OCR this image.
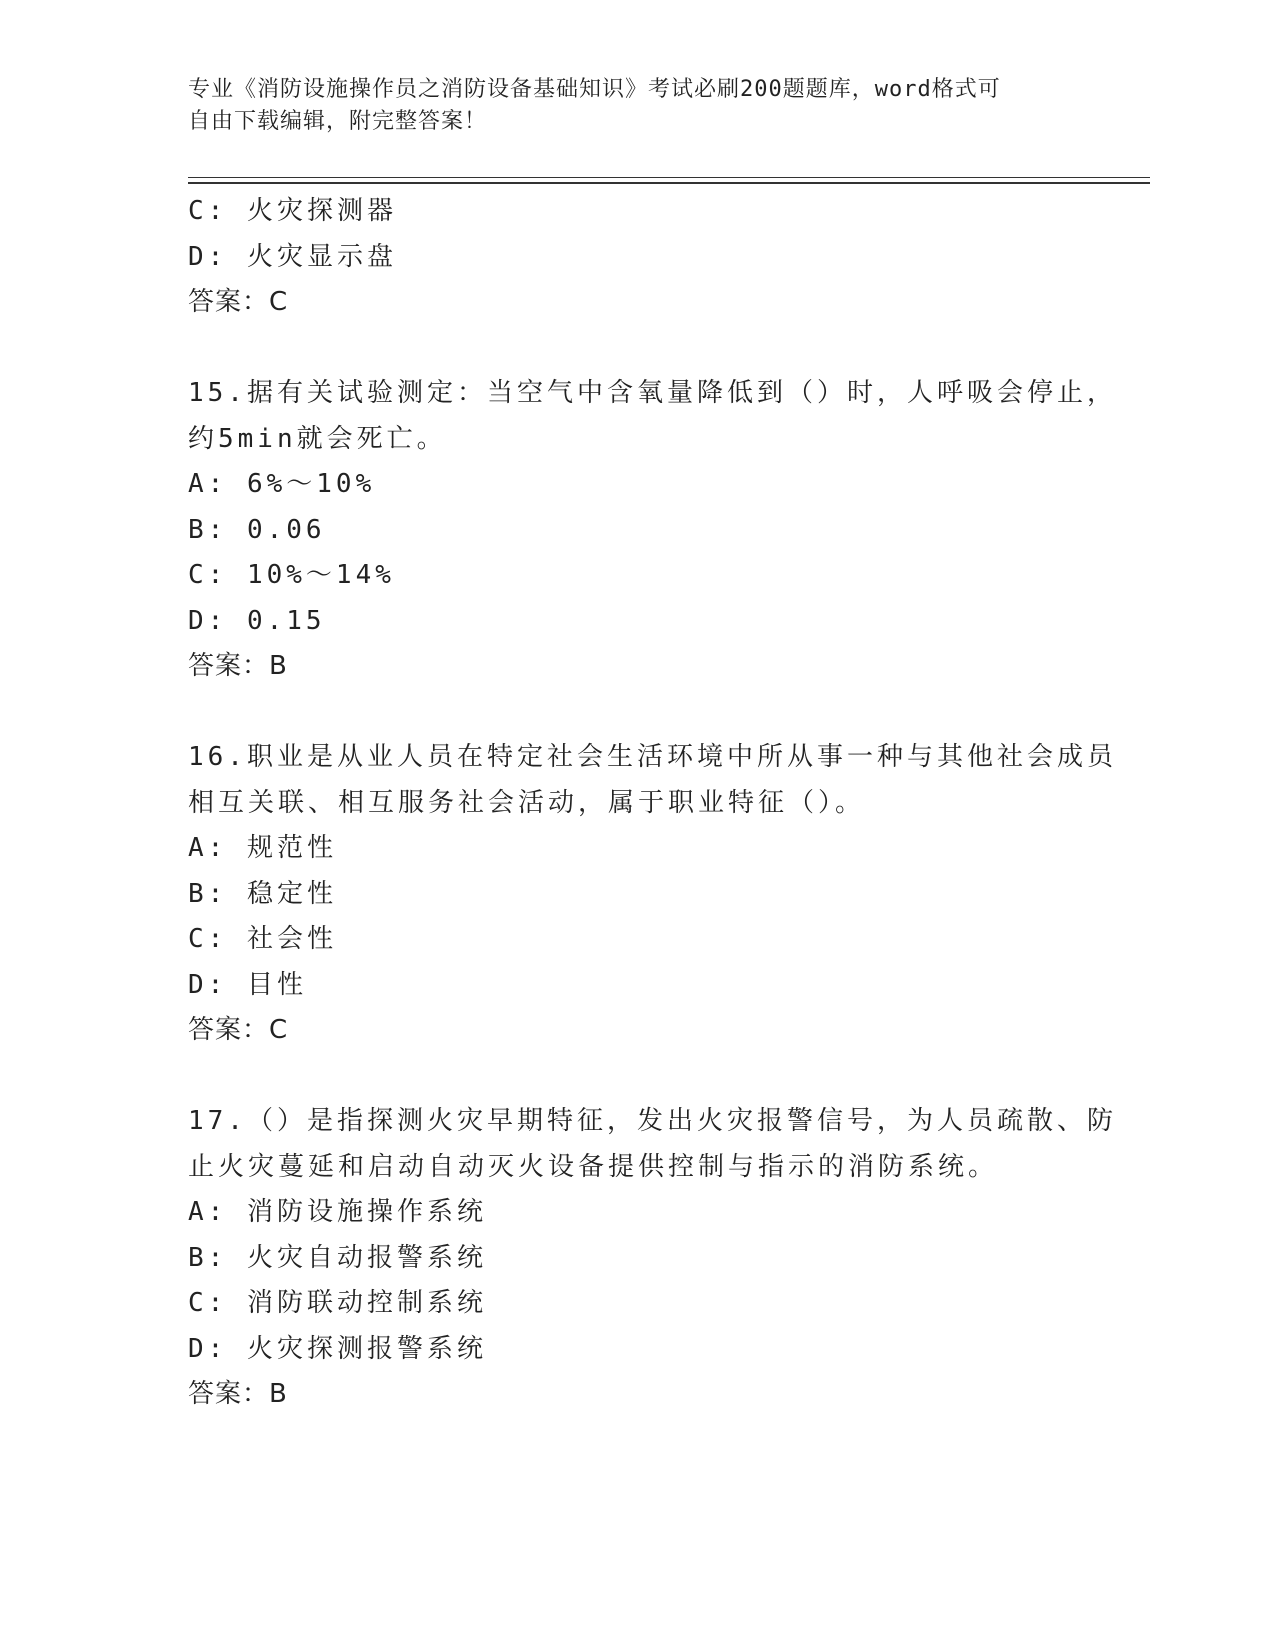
专业《消防设施操作员之消防设备基础知识》考试必刷200题题库，word格式可
自由下载编辑，附完整答案！
C: 火灾探测器
D: 火灾显示盘
答案：C
15.据有关试验测定：当空气中含氧量降低到（）时，人呼吸会停止，
约5min就会死亡。
A: 6%～10%
B: 0.06
C: 10%～14%
D: 0.15
答案：B
16.职业是从业人员在特定社会生活环境中所从事一种与其他社会成员
相互关联、相互服务社会活动，属于职业特征（）。
A: 规范性
B: 稳定性
C: 社会性
D: 目性
答案：C
17.（）是指探测火灾早期特征，发出火灾报警信号，为人员疏散、防
止火灾蔓延和启动自动灭火设备提供控制与指示的消防系统。
A: 消防设施操作系统
B: 火灾自动报警系统
C: 消防联动控制系统
D: 火灾探测报警系统
答案：B
